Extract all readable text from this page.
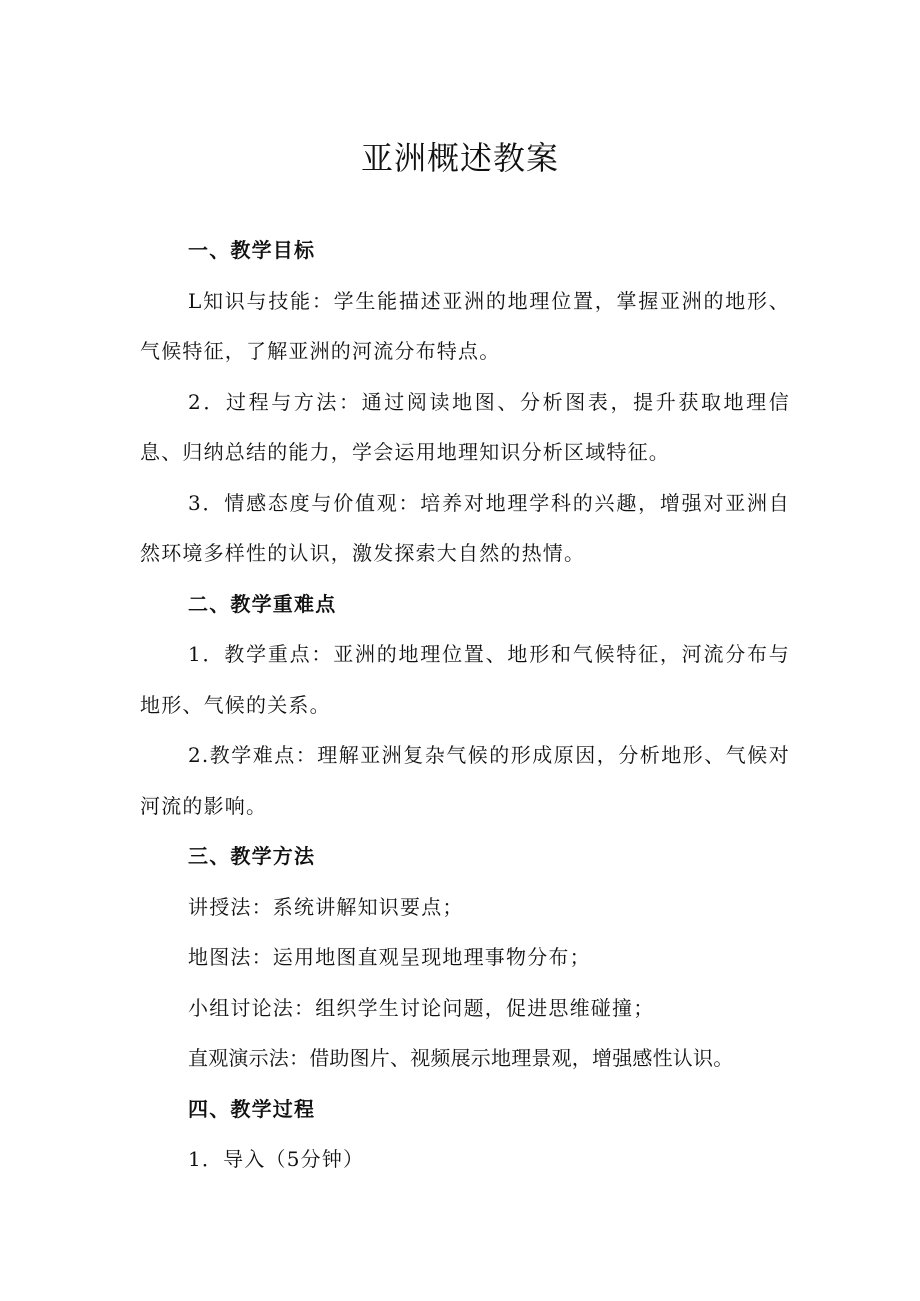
亚洲概述教案

一、教学目标

L知识与技能：学生能描述亚洲的地理位置，掌握亚洲的地形、气候特征，了解亚洲的河流分布特点。

2．过程与方法：通过阅读地图、分析图表，提升获取地理信息、归纳总结的能力，学会运用地理知识分析区域特征。

3．情感态度与价值观：培养对地理学科的兴趣，增强对亚洲自然环境多样性的认识，激发探索大自然的热情。

二、教学重难点

1．教学重点：亚洲的地理位置、地形和气候特征，河流分布与地形、气候的关系。

2.教学难点：理解亚洲复杂气候的形成原因，分析地形、气候对河流的影响。

三、教学方法

讲授法：系统讲解知识要点；

地图法：运用地图直观呈现地理事物分布；

小组讨论法：组织学生讨论问题，促进思维碰撞；

直观演示法：借助图片、视频展示地理景观，增强感性认识。

四、教学过程

1．导入（5分钟）
